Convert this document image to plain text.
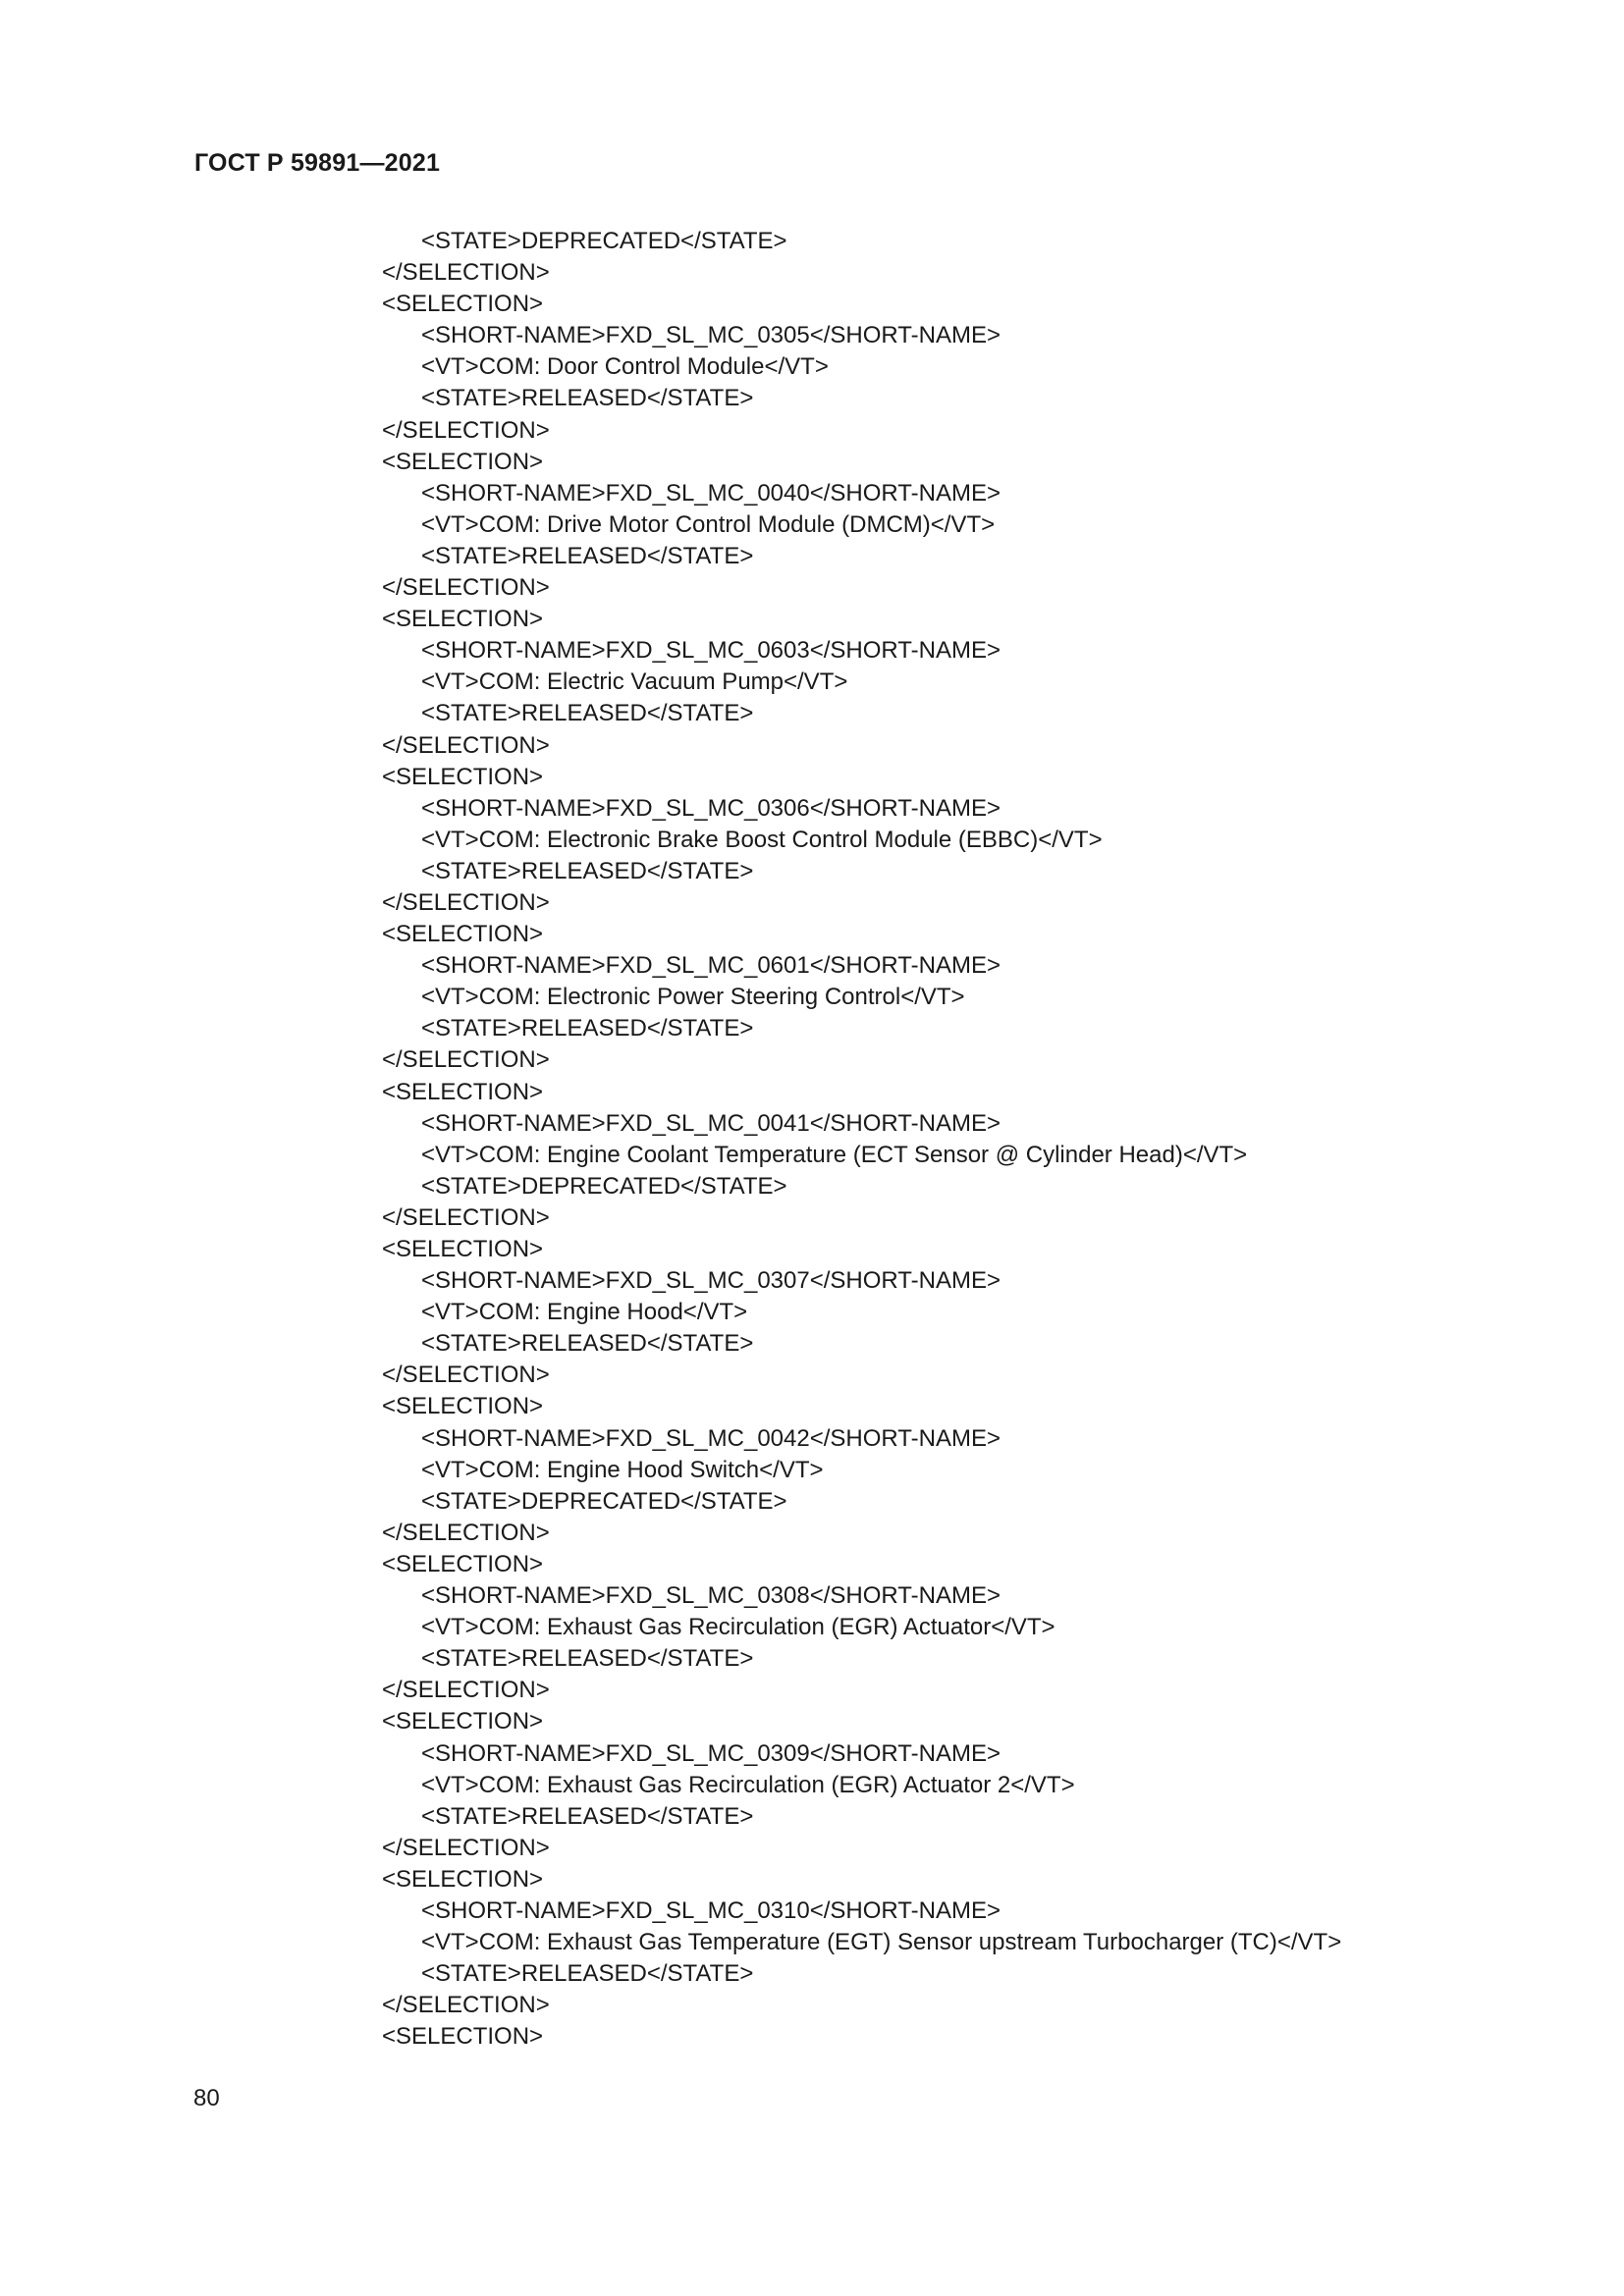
ГОСТ Р 59891—2021
<STATE>DEPRECATED</STATE>
</SELECTION>
<SELECTION>
<SHORT-NAME>FXD_SL_MC_0305</SHORT-NAME>
<VT>COM: Door Control Module</VT>
<STATE>RELEASED</STATE>
</SELECTION>
<SELECTION>
<SHORT-NAME>FXD_SL_MC_0040</SHORT-NAME>
<VT>COM: Drive Motor Control Module (DMCM)</VT>
<STATE>RELEASED</STATE>
</SELECTION>
<SELECTION>
<SHORT-NAME>FXD_SL_MC_0603</SHORT-NAME>
<VT>COM: Electric Vacuum Pump</VT>
<STATE>RELEASED</STATE>
</SELECTION>
<SELECTION>
<SHORT-NAME>FXD_SL_MC_0306</SHORT-NAME>
<VT>COM: Electronic Brake Boost Control Module (EBBC)</VT>
<STATE>RELEASED</STATE>
</SELECTION>
<SELECTION>
<SHORT-NAME>FXD_SL_MC_0601</SHORT-NAME>
<VT>COM: Electronic Power Steering Control</VT>
<STATE>RELEASED</STATE>
</SELECTION>
<SELECTION>
<SHORT-NAME>FXD_SL_MC_0041</SHORT-NAME>
<VT>COM: Engine Coolant Temperature (ECT Sensor @ Cylinder Head)</VT>
<STATE>DEPRECATED</STATE>
</SELECTION>
<SELECTION>
<SHORT-NAME>FXD_SL_MC_0307</SHORT-NAME>
<VT>COM: Engine Hood</VT>
<STATE>RELEASED</STATE>
</SELECTION>
<SELECTION>
<SHORT-NAME>FXD_SL_MC_0042</SHORT-NAME>
<VT>COM: Engine Hood Switch</VT>
<STATE>DEPRECATED</STATE>
</SELECTION>
<SELECTION>
<SHORT-NAME>FXD_SL_MC_0308</SHORT-NAME>
<VT>COM: Exhaust Gas Recirculation (EGR) Actuator</VT>
<STATE>RELEASED</STATE>
</SELECTION>
<SELECTION>
<SHORT-NAME>FXD_SL_MC_0309</SHORT-NAME>
<VT>COM: Exhaust Gas Recirculation (EGR) Actuator 2</VT>
<STATE>RELEASED</STATE>
</SELECTION>
<SELECTION>
<SHORT-NAME>FXD_SL_MC_0310</SHORT-NAME>
<VT>COM: Exhaust Gas Temperature (EGT) Sensor upstream Turbocharger (TC)</VT>
<STATE>RELEASED</STATE>
</SELECTION>
<SELECTION>
80
